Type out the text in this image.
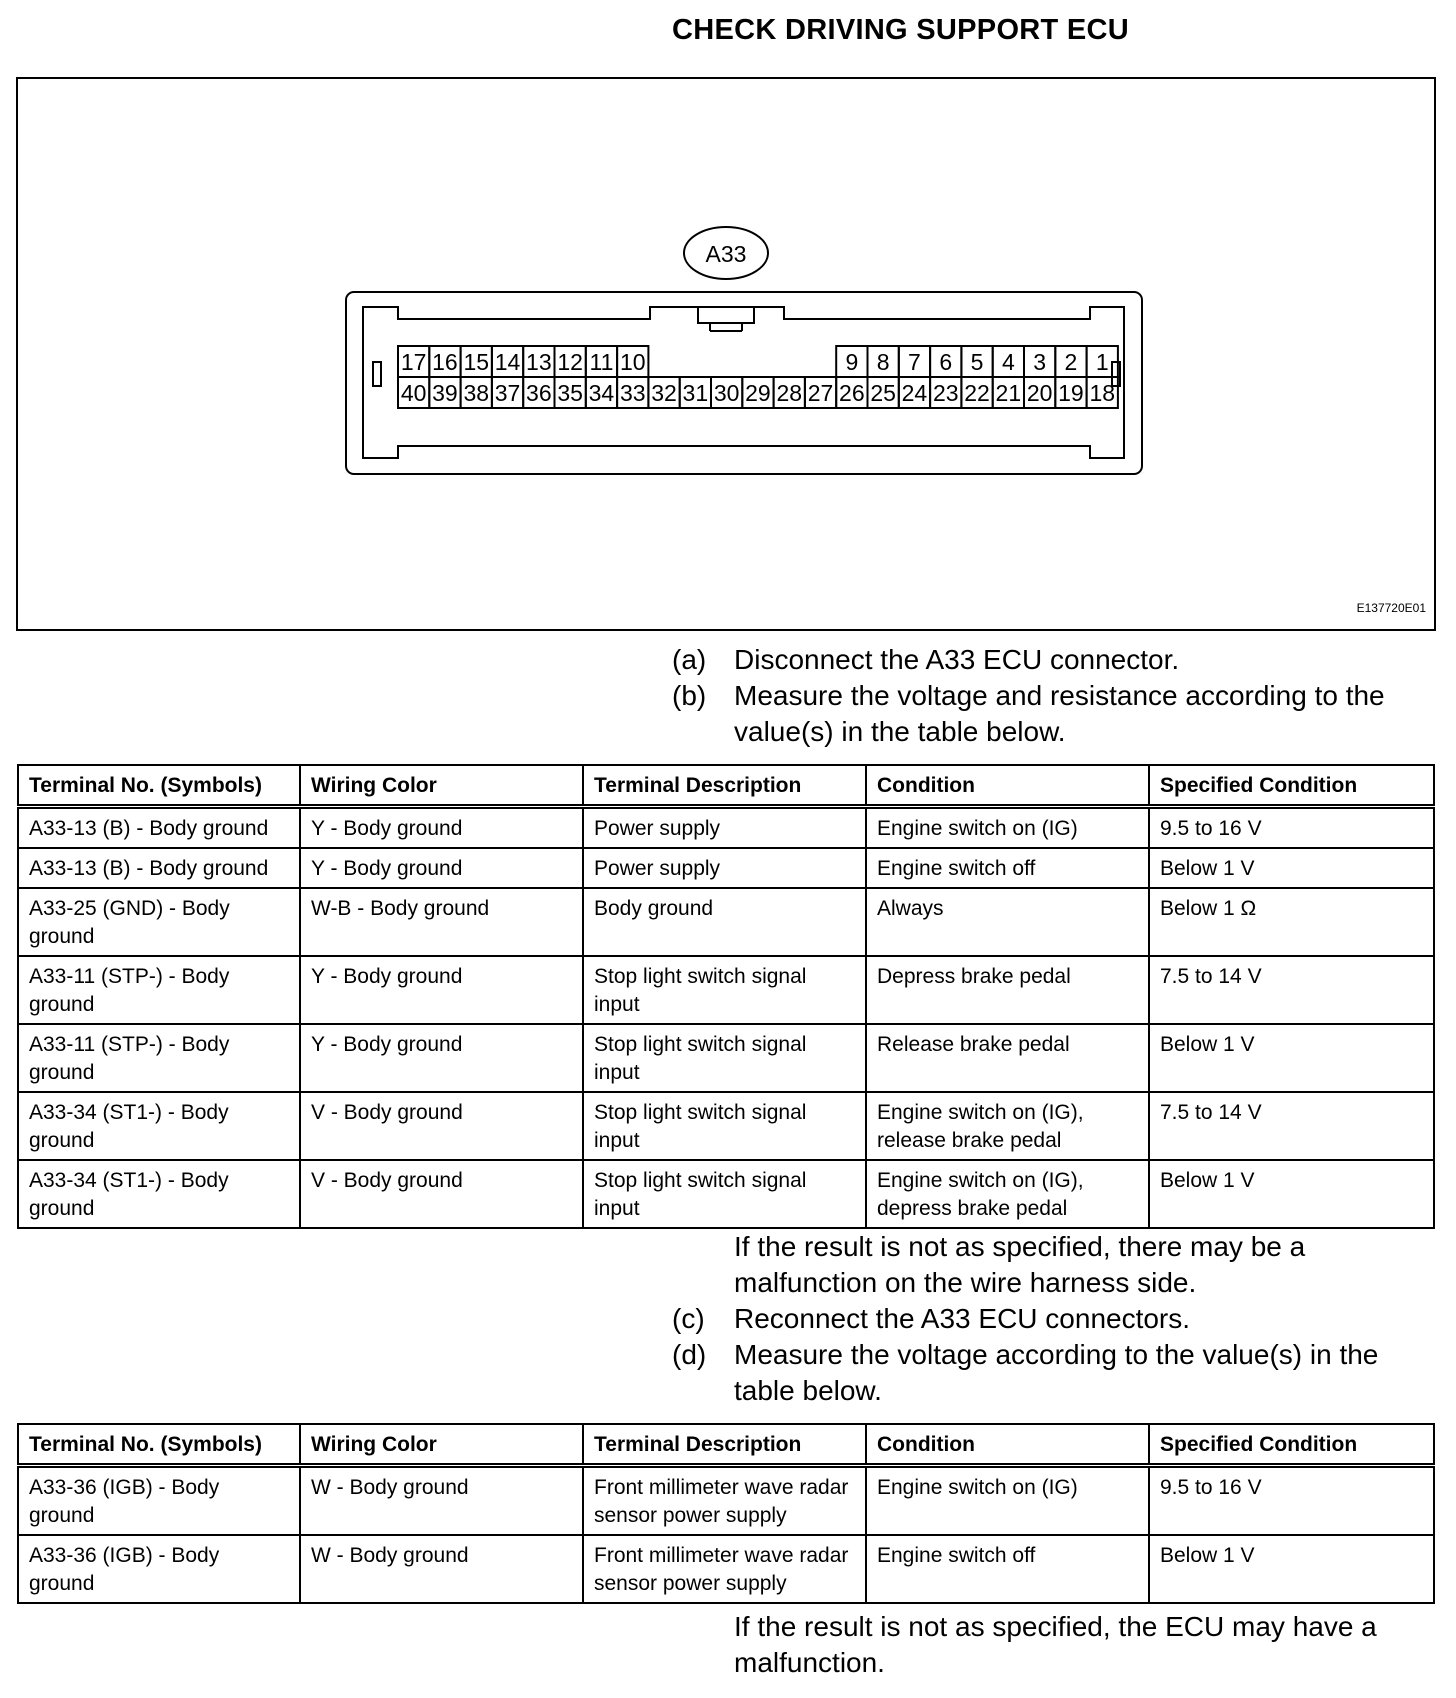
CHECK DRIVING SUPPORT ECU
A33
17 16 15 14 13 12 11 10	9 8 7 6 5 4 3 2 1
40 39 38 37 36 35 34 33 32 31 30 29 28 27 26 25 24 23 22 21 20 19 18
E137720E01
(a) Disconnect the A33 ECU connector.
(b) Measure the voltage and resistance according to the value(s) in the table below.
Terminal No. (Symbols)	Wiring Color	Terminal Description	Condition	Specified Condition
A33-13 (B) - Body ground	Y - Body ground	Power supply	Engine switch on (IG)	9.5 to 16 V
A33-13 (B) - Body ground	Y - Body ground	Power supply	Engine switch off	Below 1 V
A33-25 (GND) - Body ground	W-B - Body ground	Body ground	Always	Below 1 Ω
A33-11 (STP-) - Body ground	Y - Body ground	Stop light switch signal input	Depress brake pedal	7.5 to 14 V
A33-11 (STP-) - Body ground	Y - Body ground	Stop light switch signal input	Release brake pedal	Below 1 V
A33-34 (ST1-) - Body ground	V - Body ground	Stop light switch signal input	Engine switch on (IG), release brake pedal	7.5 to 14 V
A33-34 (ST1-) - Body ground	V - Body ground	Stop light switch signal input	Engine switch on (IG), depress brake pedal	Below 1 V
If the result is not as specified, there may be a malfunction on the wire harness side.
(c) Reconnect the A33 ECU connectors.
(d) Measure the voltage according to the value(s) in the table below.
Terminal No. (Symbols)	Wiring Color	Terminal Description	Condition	Specified Condition
A33-36 (IGB) - Body ground	W - Body ground	Front millimeter wave radar sensor power supply	Engine switch on (IG)	9.5 to 16 V
A33-36 (IGB) - Body ground	W - Body ground	Front millimeter wave radar sensor power supply	Engine switch off	Below 1 V
If the result is not as specified, the ECU may have a malfunction.
